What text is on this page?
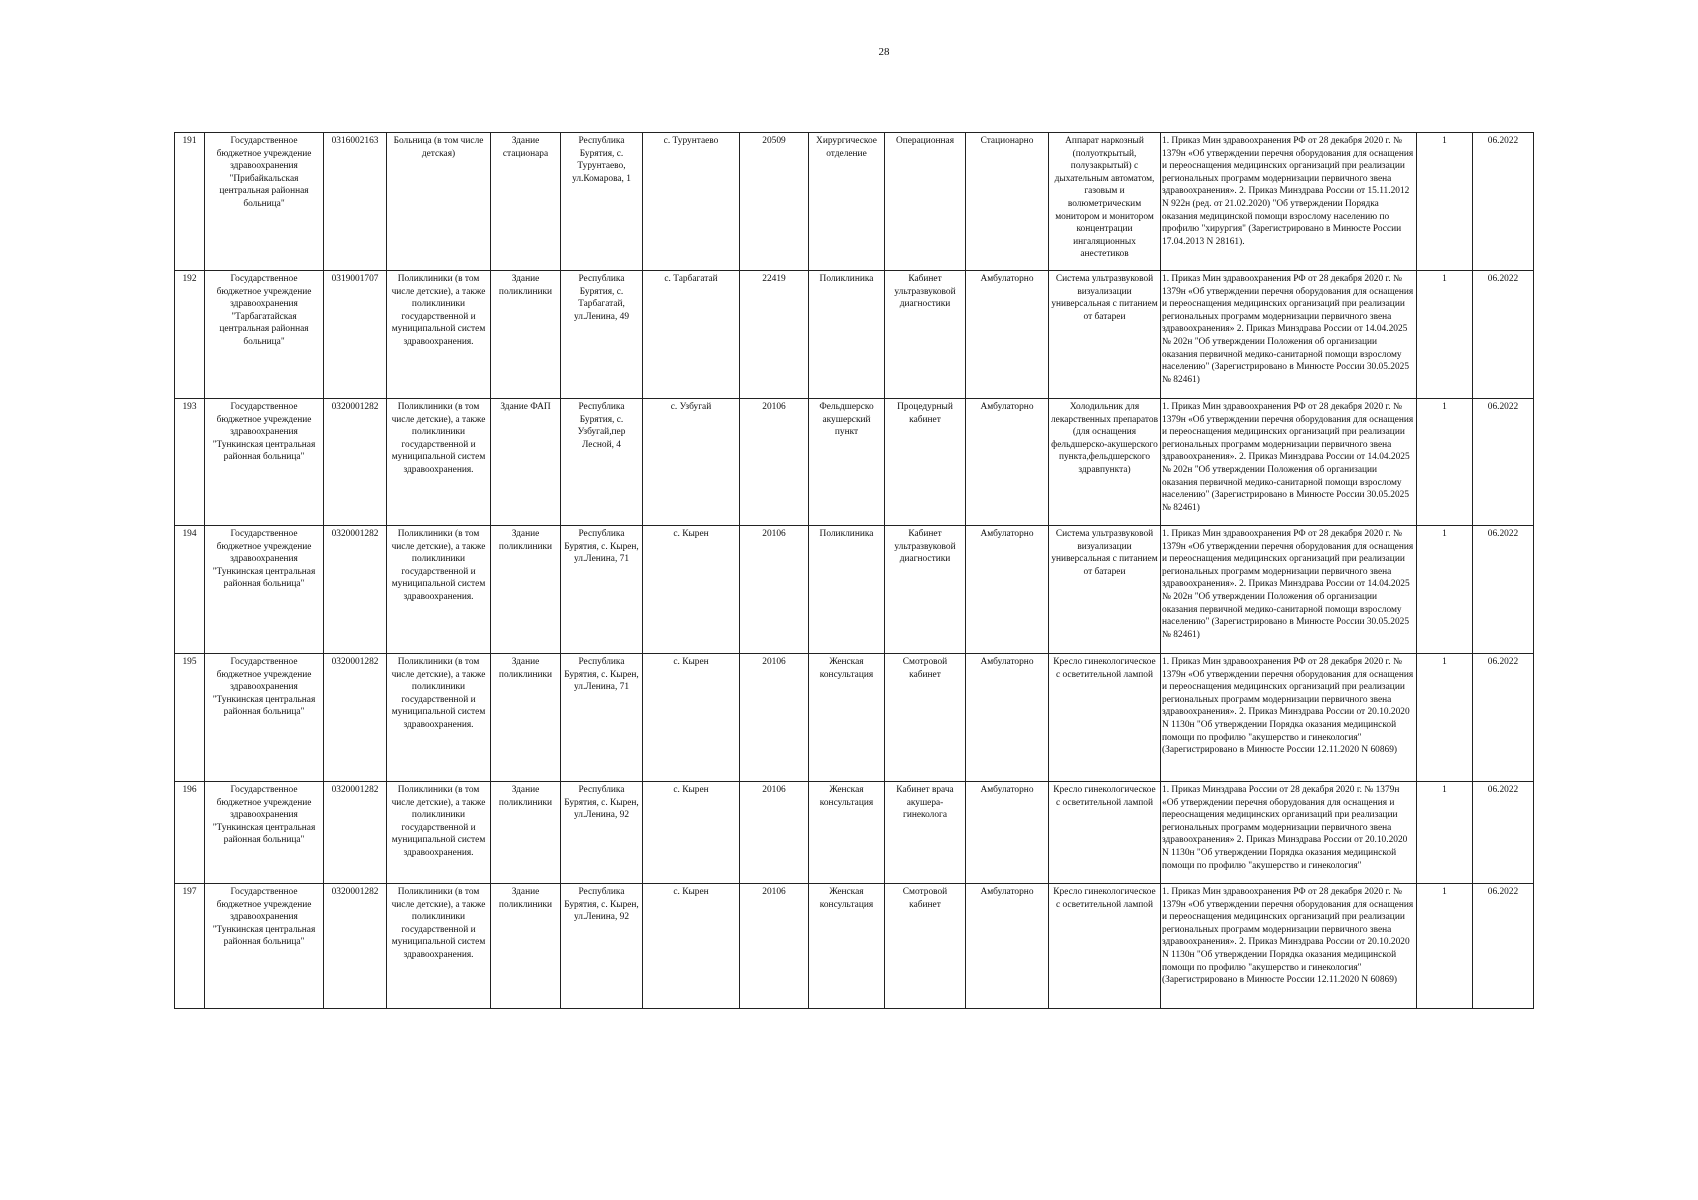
28
191	Государственное бюджетное учреждение здравоохранения "Прибайкальская центральная районная больница"	0316002163	Больница (в том числе детская)	Здание стационара	Республика Бурятия, с. Турунтаево, ул.Комарова, 1	с. Турунтаево	20509	Хирургическое отделение	Операционная	Стационарно	Аппарат наркозный (полуоткрытый, полузакрытый) с дыхательным автоматом, газовым и волюметрическим монитором и монитором концентрации ингаляционных анестетиков	1. Приказ Мин здравоохранения РФ от 28 декабря 2020 г. № 1379н «Об утверждении перечня оборудования для оснащения и переоснащения медицинских организаций при реализации региональных программ модернизации первичного звена здравоохранения». 2. Приказ Минздрава России от 15.11.2012 N 922н (ред. от 21.02.2020) "Об утверждении Порядка оказания медицинской помощи взрослому населению по профилю "хирургия" (Зарегистрировано в Минюсте России 17.04.2013 N 28161).	1	06.2022
192	Государственное бюджетное учреждение здравоохранения "Тарбагатайская центральная районная больница"	0319001707	Поликлиники (в том числе детские), а также поликлиники государственной и муниципальной систем здравоохранения.	Здание поликлиники	Республика Бурятия, с. Тарбагатай, ул.Ленина, 49	с. Тарбагатай	22419	Поликлиника	Кабинет ультразвуковой диагностики	Амбулаторно	Система ультразвуковой визуализации универсальная с питанием от батареи	1. Приказ Мин здравоохранения РФ от 28 декабря 2020 г. № 1379н «Об утверждении перечня оборудования для оснащения и переоснащения медицинских организаций при реализации региональных программ модернизации первичного звена здравоохранения» 2. Приказ Минздрава России от 14.04.2025 № 202н "Об утверждении Положения об организации оказания первичной медико-санитарной помощи взрослому населению" (Зарегистрировано в Минюсте России 30.05.2025 № 82461)	1	06.2022
193	Государственное бюджетное учреждение здравоохранения "Тункинская центральная районная больница"	0320001282	Поликлиники (в том числе детские), а также поликлиники государственной и муниципальной систем здравоохранения.	Здание ФАП	Республика Бурятия, с. Узбугай,пер Лесной, 4	с. Узбугай	20106	Фельдшерско акушерский пункт	Процедурный кабинет	Амбулаторно	Холодильник для лекарственных препаратов (для оснащения фельдшерско-акушерского пункта,фельдшерского здравпункта)	1. Приказ Мин здравоохранения РФ от 28 декабря 2020 г. № 1379н «Об утверждении перечня оборудования для оснащения и переоснащения медицинских организаций при реализации региональных программ модернизации первичного звена здравоохранения». 2. Приказ Минздрава России от 14.04.2025 № 202н "Об утверждении Положения об организации оказания первичной медико-санитарной помощи взрослому населению" (Зарегистрировано в Минюсте России 30.05.2025 № 82461)	1	06.2022
194	Государственное бюджетное учреждение здравоохранения "Тункинская центральная районная больница"	0320001282	Поликлиники (в том числе детские), а также поликлиники государственной и муниципальной систем здравоохранения.	Здание поликлиники	Республика Бурятия, с. Кырен, ул.Ленина, 71	с. Кырен	20106	Поликлиника	Кабинет ультразвуковой диагностики	Амбулаторно	Система ультразвуковой визуализации универсальная с питанием от батареи	1. Приказ Мин здравоохранения РФ от 28 декабря 2020 г. № 1379н «Об утверждении перечня оборудования для оснащения и переоснащения медицинских организаций при реализации региональных программ модернизации первичного звена здравоохранения». 2. Приказ Минздрава России от 14.04.2025 № 202н "Об утверждении Положения об организации оказания первичной медико-санитарной помощи взрослому населению" (Зарегистрировано в Минюсте России 30.05.2025 № 82461)	1	06.2022
195	Государственное бюджетное учреждение здравоохранения "Тункинская центральная районная больница"	0320001282	Поликлиники (в том числе детские), а также поликлиники государственной и муниципальной систем здравоохранения.	Здание поликлиники	Республика Бурятия, с. Кырен, ул.Ленина, 71	с. Кырен	20106	Женская консультация	Смотровой кабинет	Амбулаторно	Кресло гинекологическое с осветительной лампой	1. Приказ Мин здравоохранения РФ от 28 декабря 2020 г. № 1379н «Об утверждении перечня оборудования для оснащения и переоснащения медицинских организаций при реализации региональных программ модернизации первичного звена здравоохранения». 2. Приказ Минздрава России от 20.10.2020 N 1130н "Об утверждении Порядка оказания медицинской помощи по профилю "акушерство и гинекология" (Зарегистрировано в Минюсте России 12.11.2020 N 60869)	1	06.2022
196	Государственное бюджетное учреждение здравоохранения "Тункинская центральная районная больница"	0320001282	Поликлиники (в том числе детские), а также поликлиники государственной и муниципальной систем здравоохранения.	Здание поликлиники	Республика Бурятия, с. Кырен, ул.Ленина, 92	с. Кырен	20106	Женская консультация	Кабинет врача акушера-гинеколога	Амбулаторно	Кресло гинекологическое с осветительной лампой	1. Приказ Минздрава России от 28 декабря 2020 г. № 1379н «Об утверждении перечня оборудования для оснащения и переоснащения медицинских организаций при реализации региональных программ модернизации первичного звена здравоохранения» 2. Приказ Минздрава России от 20.10.2020 N 1130н "Об утверждении Порядка оказания медицинской помощи по профилю "акушерство и гинекология"	1	06.2022
197	Государственное бюджетное учреждение здравоохранения "Тункинская центральная районная больница"	0320001282	Поликлиники (в том числе детские), а также поликлиники государственной и муниципальной систем здравоохранения.	Здание поликлиники	Республика Бурятия, с. Кырен, ул.Ленина, 92	с. Кырен	20106	Женская консультация	Смотровой кабинет	Амбулаторно	Кресло гинекологическое с осветительной лампой	1. Приказ Мин здравоохранения РФ от 28 декабря 2020 г. № 1379н «Об утверждении перечня оборудования для оснащения и переоснащения медицинских организаций при реализации региональных программ модернизации первичного звена здравоохранения». 2. Приказ Минздрава России от 20.10.2020 N 1130н "Об утверждении Порядка оказания медицинской помощи по профилю "акушерство и гинекология" (Зарегистрировано в Минюсте России 12.11.2020 N 60869)	1	06.2022
